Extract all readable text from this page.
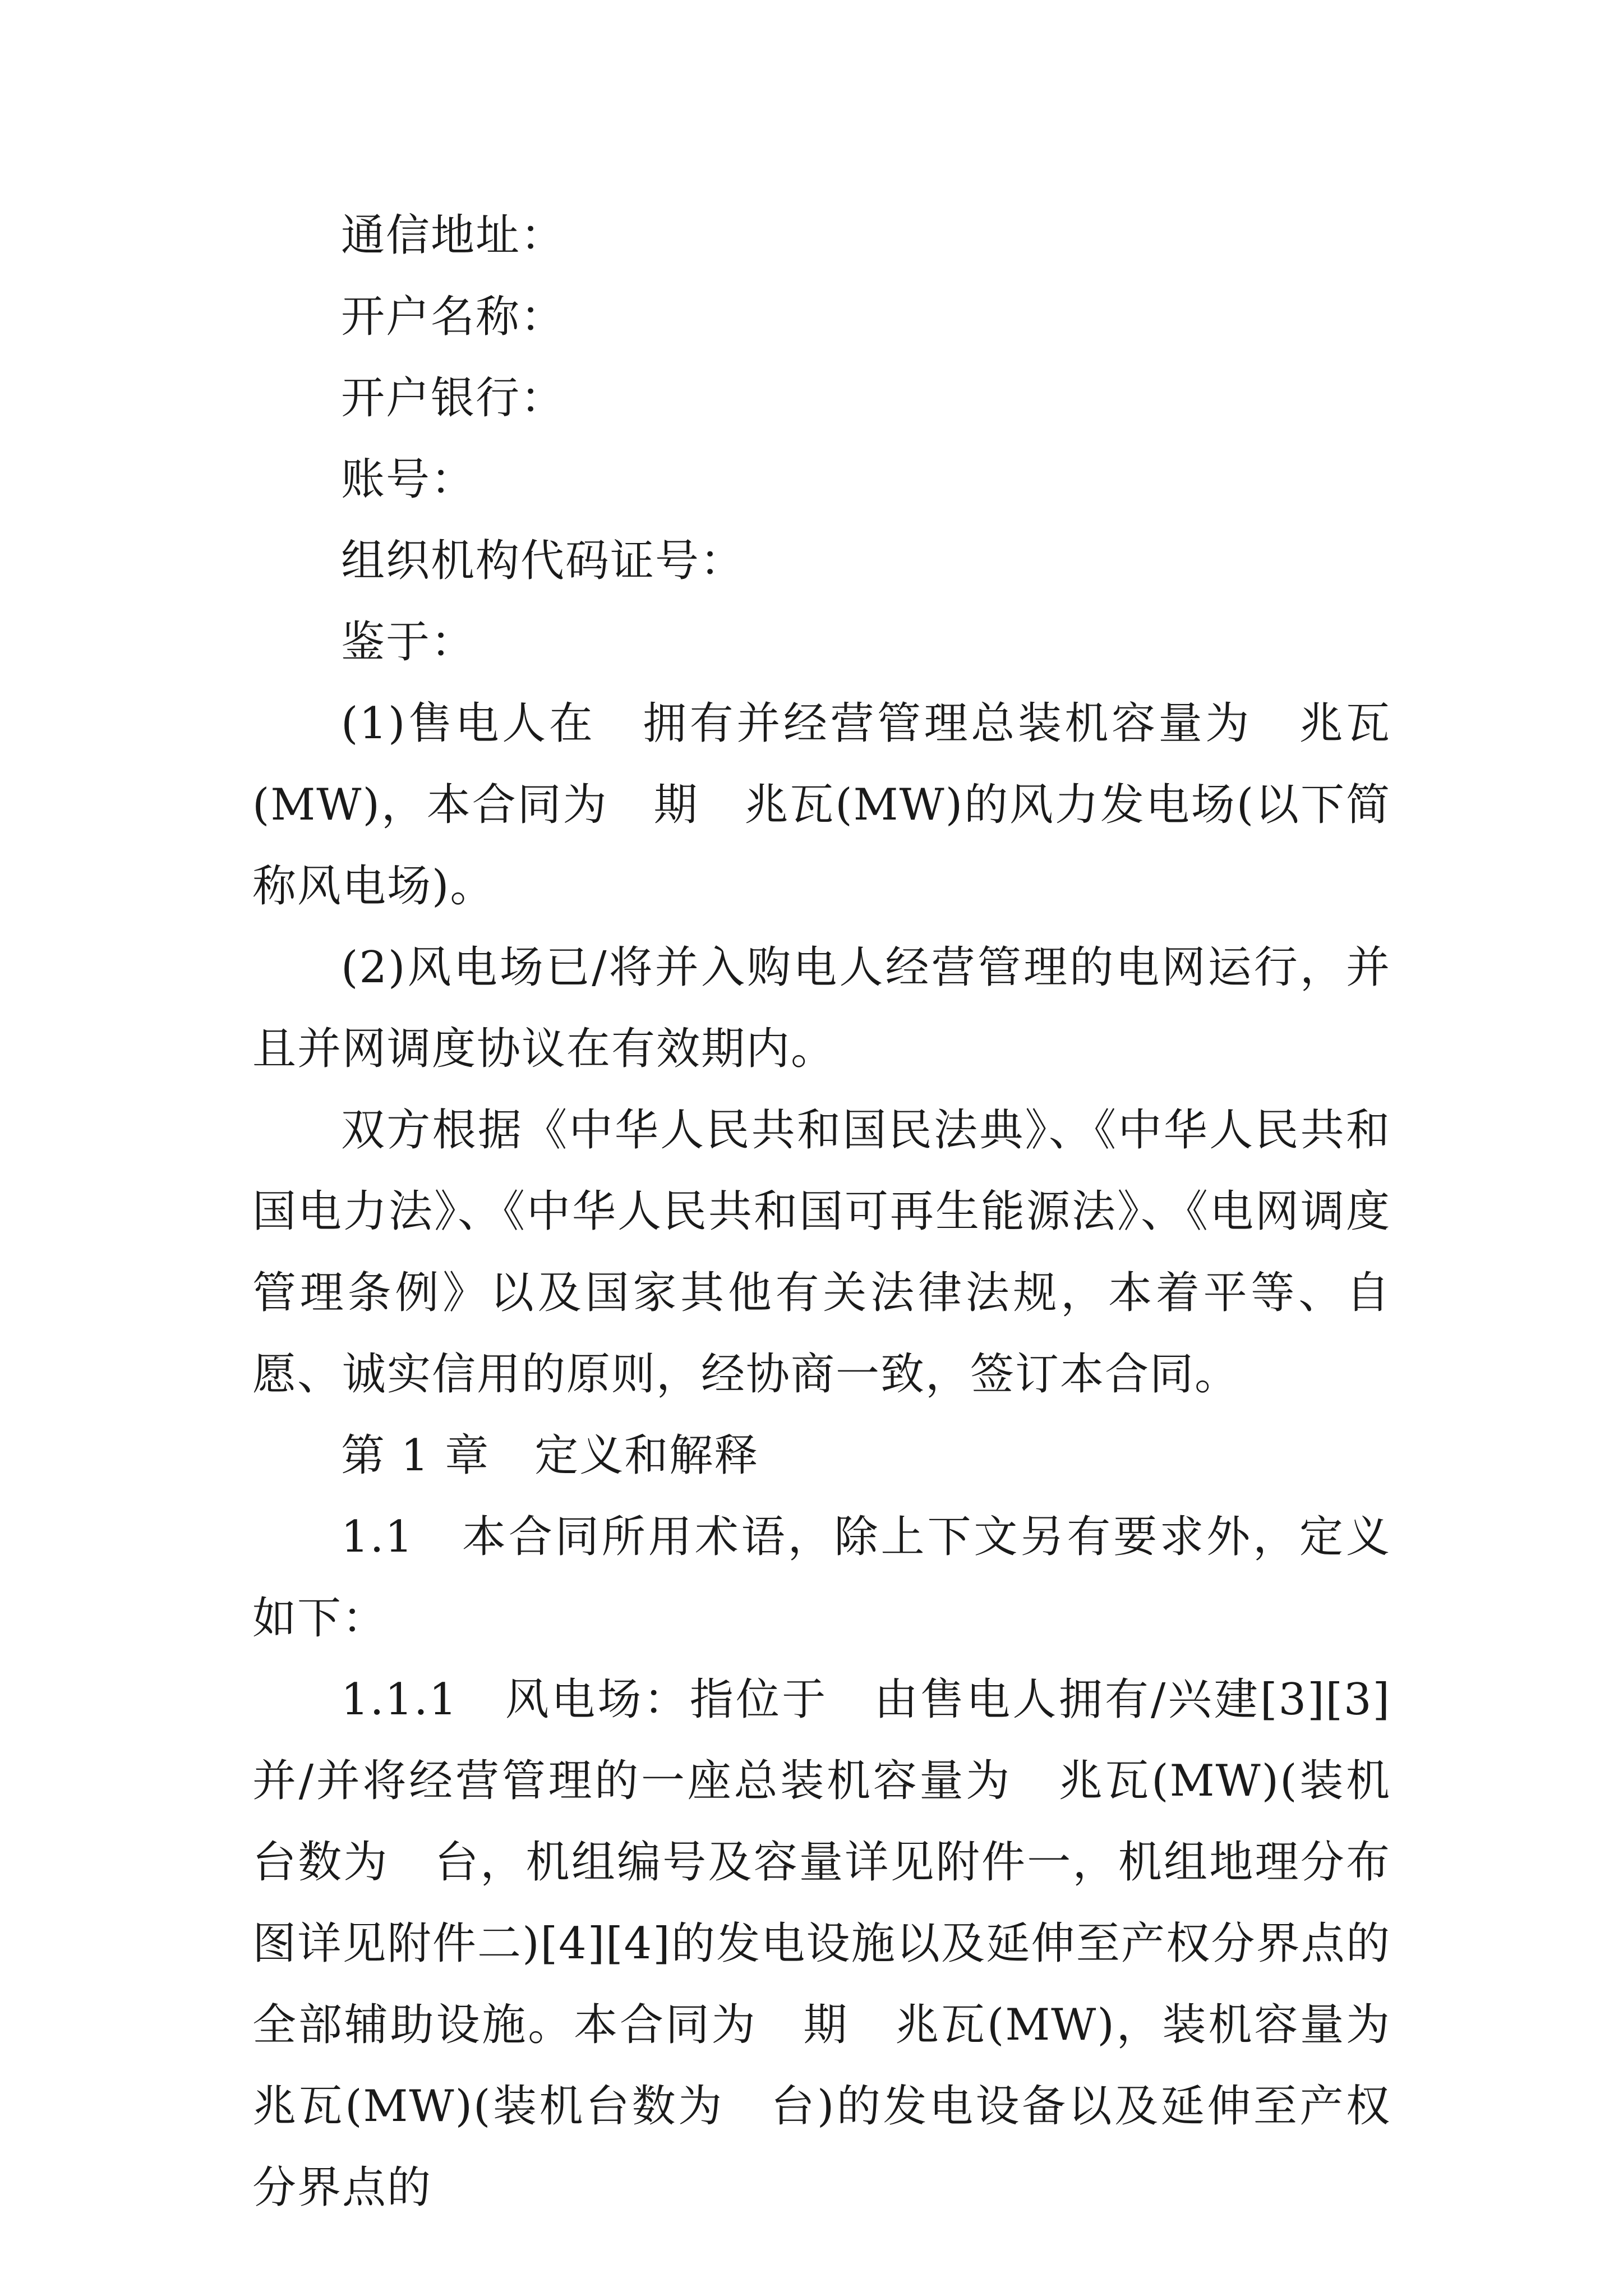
通信地址：

开户名称：

开户银行：

账号：

组织机构代码证号：

鉴于：

(1)售电人在　拥有并经营管理总装机容量为　兆瓦(MW)，本合同为　期　兆瓦(MW)的风力发电场(以下简称风电场)。

(2)风电场已/将并入购电人经营管理的电网运行，并且并网调度协议在有效期内。

双方根据《中华人民共和国民法典》、《中华人民共和国电力法》、《中华人民共和国可再生能源法》、《电网调度管理条例》以及国家其他有关法律法规，本着平等、自愿、诚实信用的原则，经协商一致，签订本合同。

第 1 章　定义和解释

1.1　本合同所用术语，除上下文另有要求外，定义如下：

1.1.1　风电场：指位于　由售电人拥有/兴建[3][3]并/并将经营管理的一座总装机容量为　兆瓦(MW)(装机台数为　台，机组编号及容量详见附件一，机组地理分布图详见附件二)[4][4]的发电设施以及延伸至产权分界点的全部辅助设施。本合同为　期　兆瓦(MW)，装机容量为　兆瓦(MW)(装机台数为　台)的发电设备以及延伸至产权分界点的
